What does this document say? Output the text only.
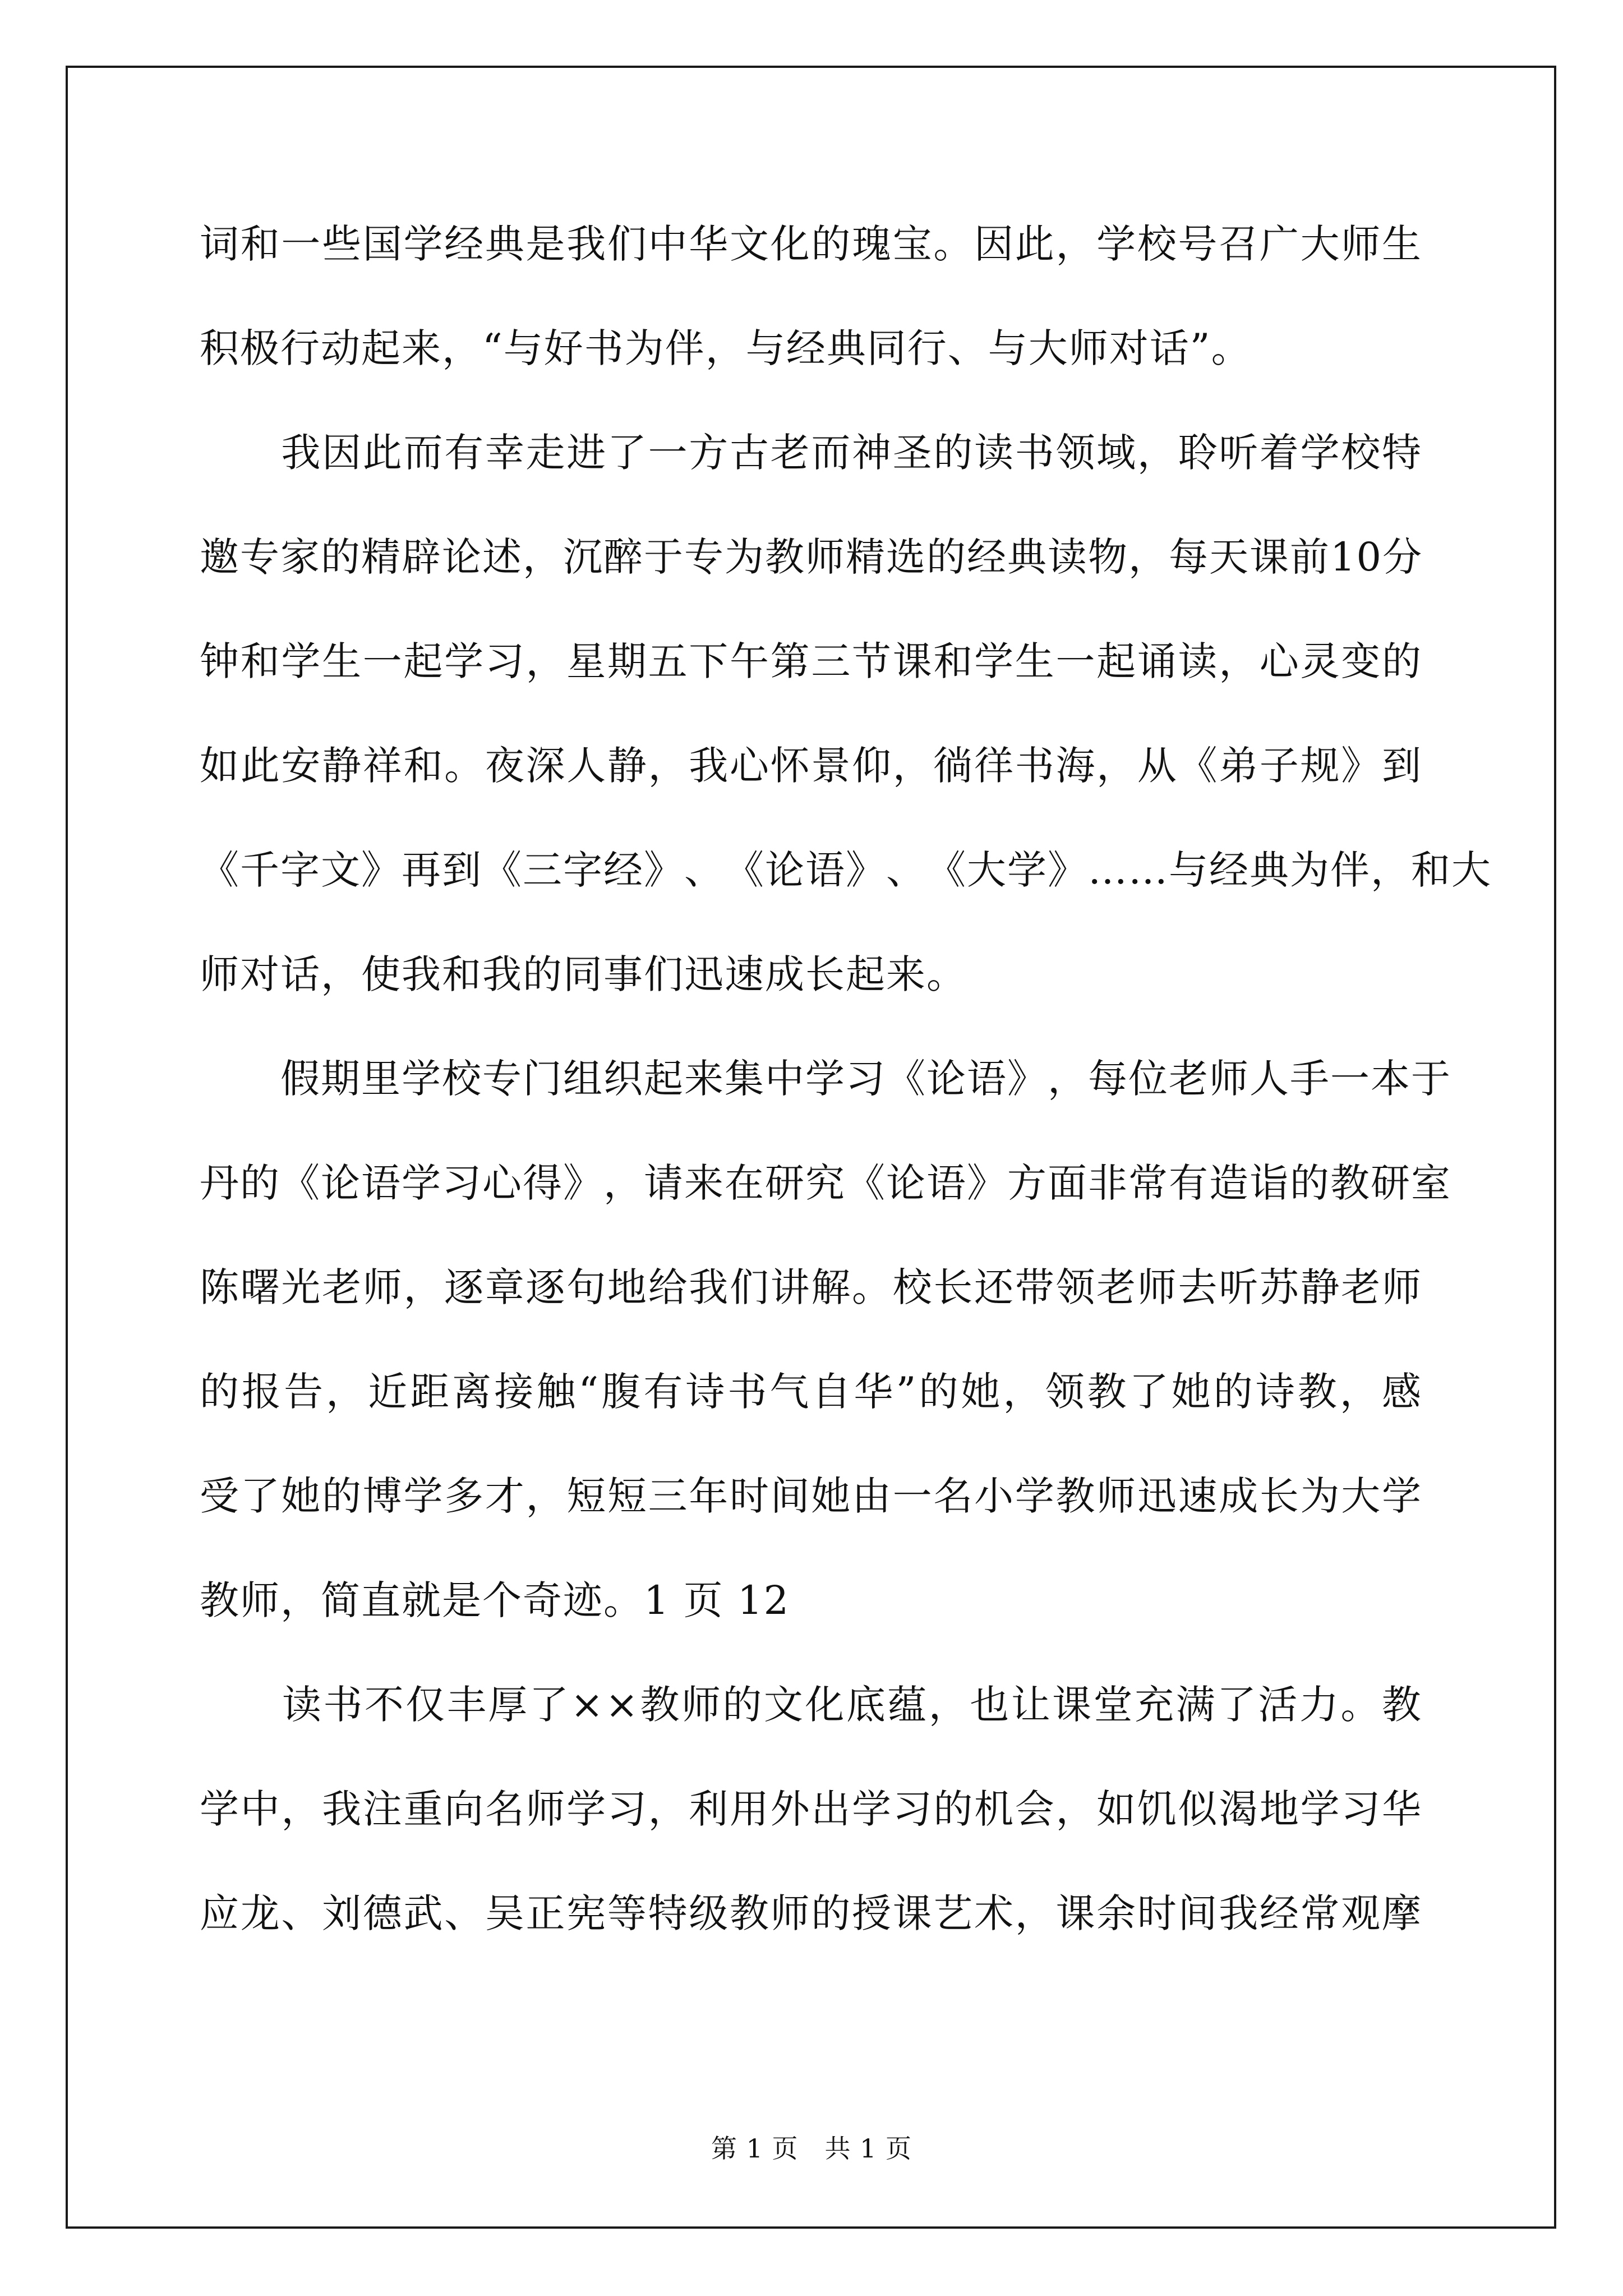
词 和 一 些 国 学 经 典 是 我 们 中 华 文 化 的 瑰 宝 。 因 此 ， 学 校 号 召 广 大 师 生
积极行动起来，“与好书为伴，与经典同行、与大师对话”。

我 因 此 而 有 幸 走 进 了 一 方 古 老 而 神 圣 的 读 书 领 域 ， 聆 听 着 学 校 特
邀 专 家 的 精 辟 论 述 ， 沉 醉 于 专 为 教 师 精 选 的 经 典 读 物 ， 每 天 课 前 1 0 分
钟 和 学 生 一 起 学 习 ， 星 期 五 下 午 第 三 节 课 和 学 生 一 起 诵 读 ， 心 灵 变 的
如 此 安 静 祥 和 。 夜 深 人 静 ， 我 心 怀 景 仰 ， 徜 徉 书 海 ， 从 《 弟 子 规 》 到
《 千 字 文 》 再 到 《 三 字 经 》 、 《 论 语 》 、 《 大 学 》 … … 与 经 典 为 伴 ， 和 大
师对话，使我和我的同事们迅速成长起来。

假 期 里 学 校 专 门 组 织 起 来 集 中 学 习 《 论 语 》 ， 每 位 老 师 人 手 一 本 于
丹 的 《 论 语 学 习 心 得 》 ， 请 来 在 研 究 《 论 语 》 方 面 非 常 有 造 诣 的 教 研 室
陈 曙 光 老 师 ， 逐 章 逐 句 地 给 我 们 讲 解 。 校 长 还 带 领 老 师 去 听 苏 静 老 师
的 报 告 ， 近 距 离 接 触 “ 腹 有 诗 书 气 自 华 ” 的 她 ， 领 教 了 她 的 诗 教 ， 感
受 了 她 的 博 学 多 才 ， 短 短 三 年 时 间 她 由 一 名 小 学 教 师 迅 速 成 长 为 大 学
教师，简直就是个奇迹。1 页 12

读 书 不 仅 丰 厚 了 × × 教 师 的 文 化 底 蕴 ， 也 让 课 堂 充 满 了 活 力 。 教
学 中 ， 我 注 重 向 名 师 学 习 ， 利 用 外 出 学 习 的 机 会 ， 如 饥 似 渴 地 学 习 华
应 龙 、 刘 德 武 、 吴 正 宪 等 特 级 教 师 的 授 课 艺 术 ， 课 余 时 间 我 经 常 观 摩
第 1 页　共 1 页
